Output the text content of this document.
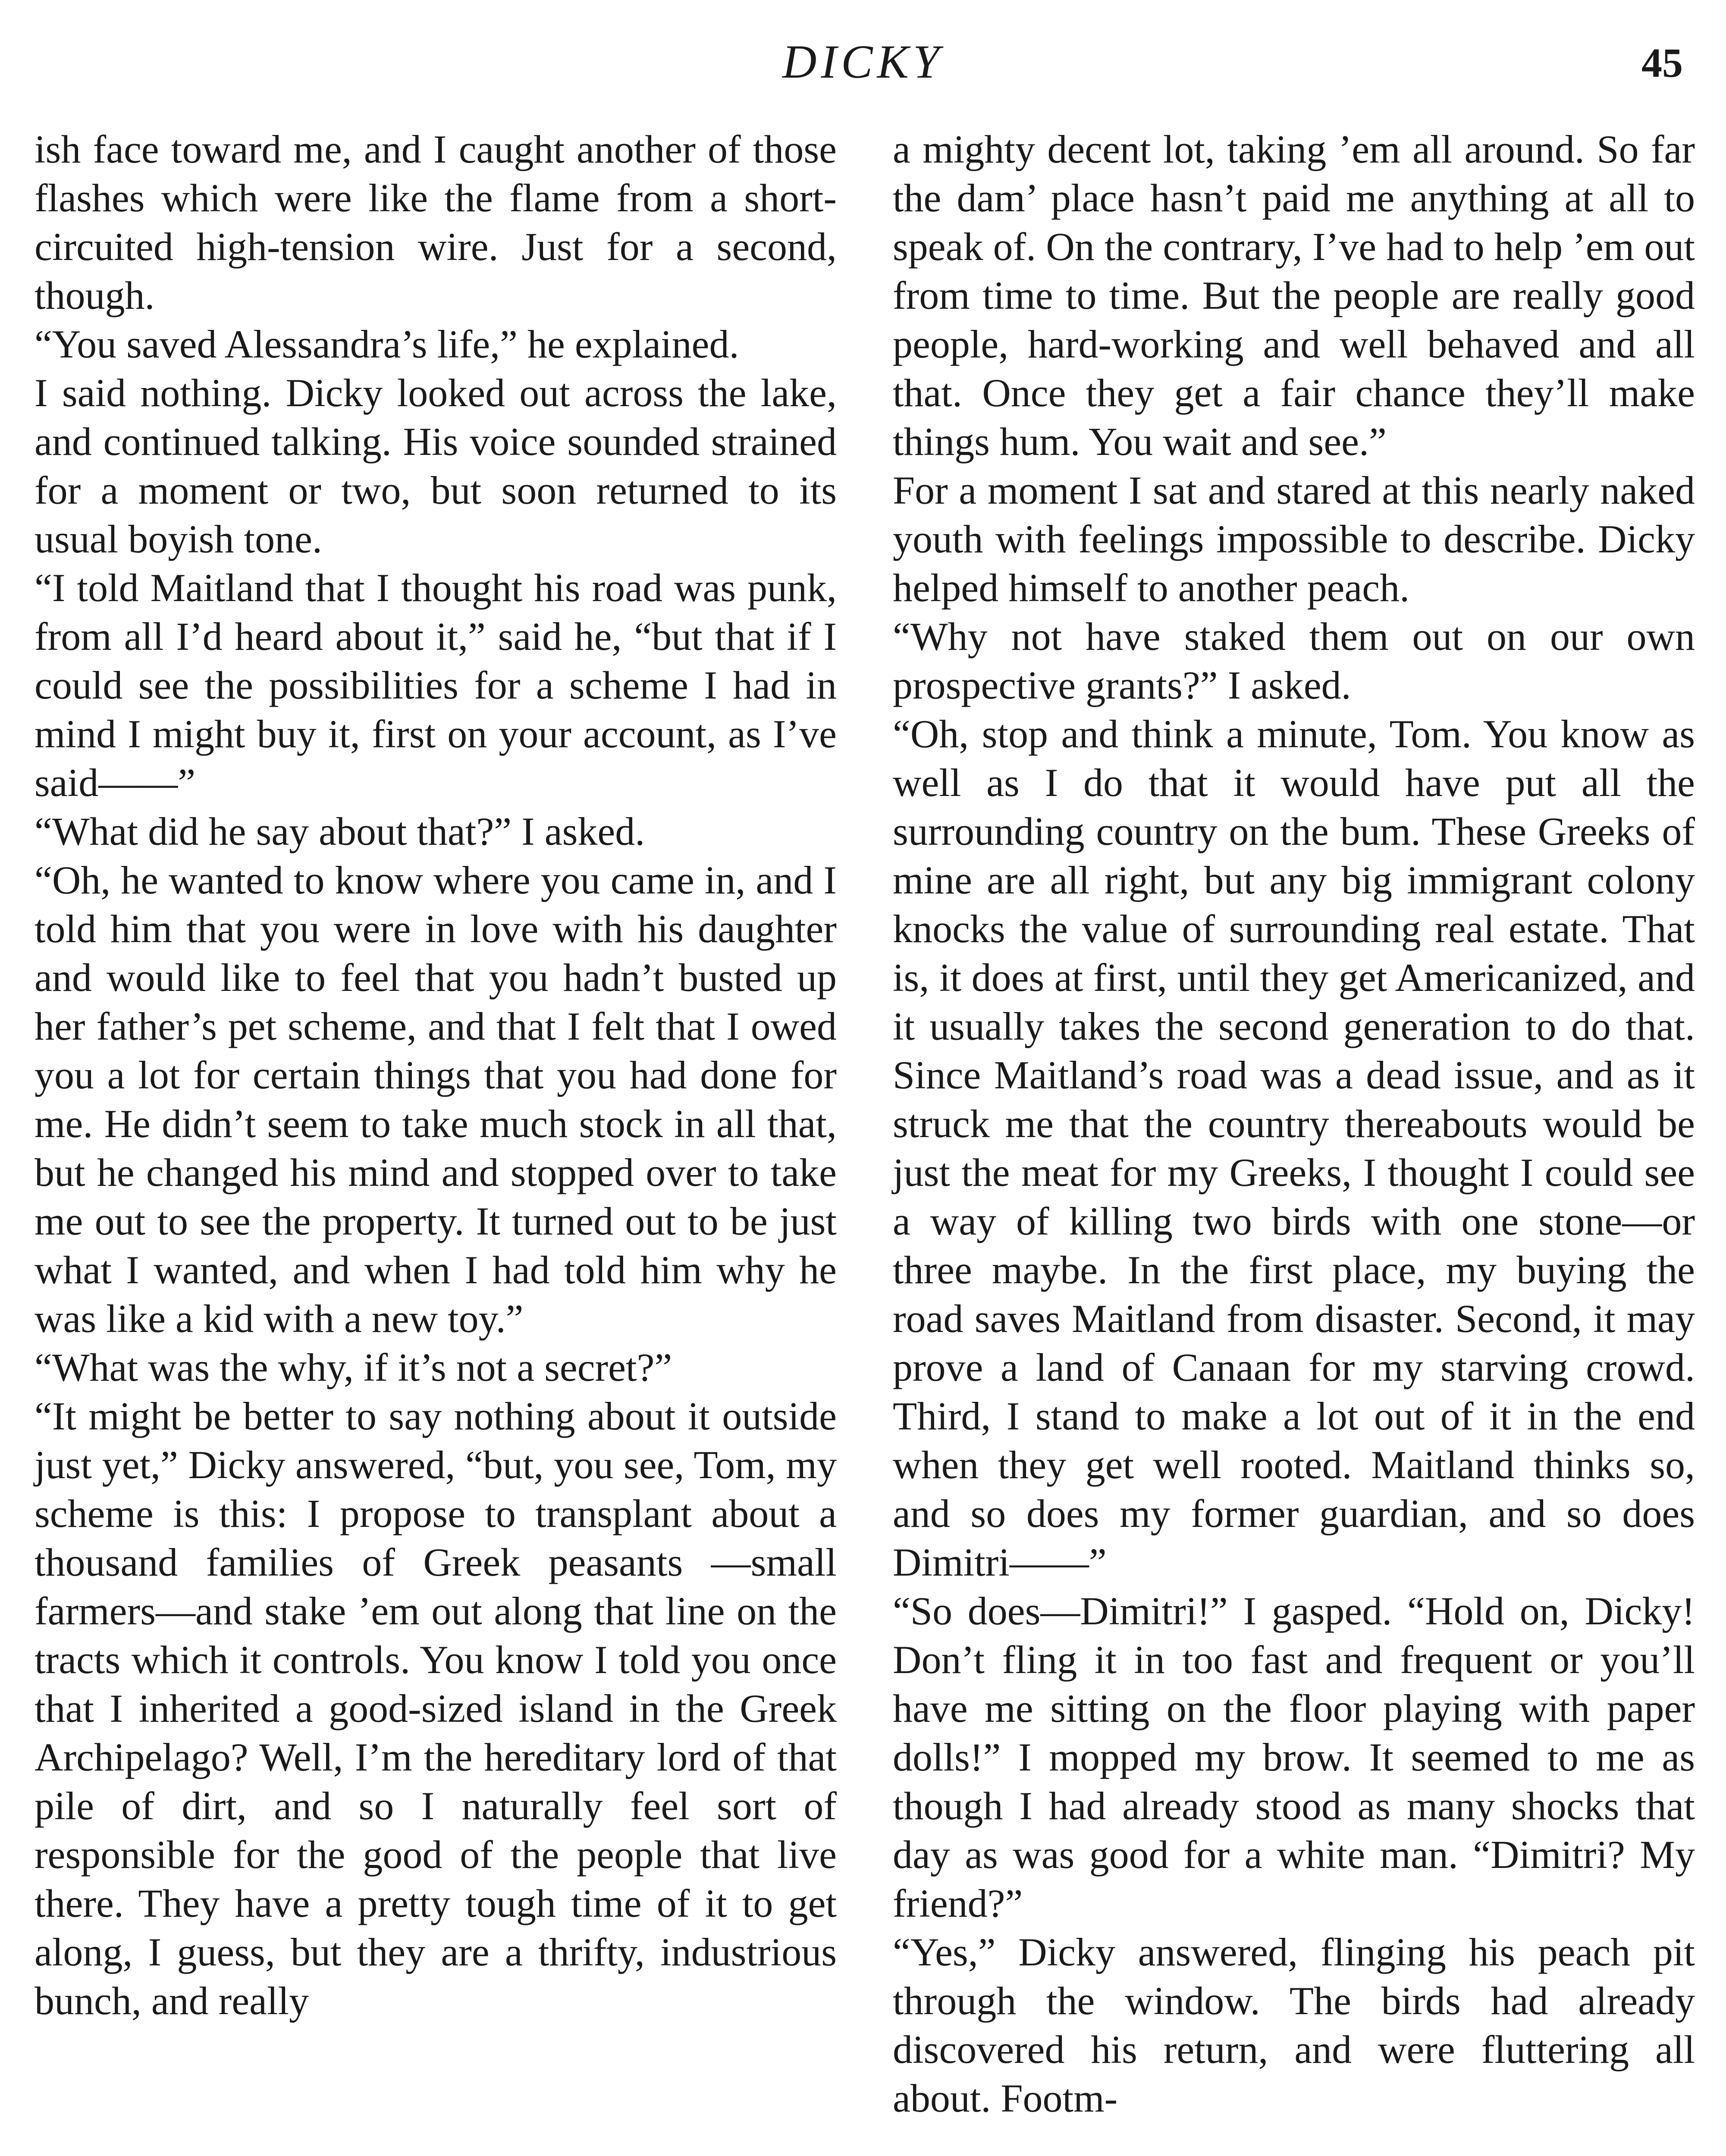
DICKY	45

ish face toward me, and I caught another of those flashes which were like the flame from a short-circuited high-tension wire. Just for a second, though.

“You saved Alessandra’s life,” he explained.

I said nothing. Dicky looked out across the lake, and continued talking. His voice sounded strained for a moment or two, but soon returned to its usual boyish tone.

“I told Maitland that I thought his road was punk, from all I’d heard about it,” said he, “but that if I could see the possibilities for a scheme I had in mind I might buy it, first on your account, as I’ve said——”

“What did he say about that?” I asked.

“Oh, he wanted to know where you came in, and I told him that you were in love with his daughter and would like to feel that you hadn’t busted up her father’s pet scheme, and that I felt that I owed you a lot for certain things that you had done for me. He didn’t seem to take much stock in all that, but he changed his mind and stopped over to take me out to see the property. It turned out to be just what I wanted, and when I had told him why he was like a kid with a new toy.”

“What was the why, if it’s not a secret?”

“It might be better to say nothing about it outside just yet,” Dicky answered, “but, you see, Tom, my scheme is this: I propose to transplant about a thousand families of Greek peasants —small farmers—and stake ’em out along that line on the tracts which it controls. You know I told you once that I inherited a good-sized island in the Greek Archipelago? Well, I’m the hereditary lord of that pile of dirt, and so I naturally feel sort of responsible for the good of the people that live there. They have a pretty tough time of it to get along, I guess, but they are a thrifty, industrious bunch, and really

a mighty decent lot, taking ’em all around. So far the dam’ place hasn’t paid me anything at all to speak of. On the contrary, I’ve had to help ’em out from time to time. But the people are really good people, hard-working and well behaved and all that. Once they get a fair chance they’ll make things hum. You wait and see.”

For a moment I sat and stared at this nearly naked youth with feelings impossible to describe. Dicky helped himself to another peach.

“Why not have staked them out on our own prospective grants?” I asked.

“Oh, stop and think a minute, Tom. You know as well as I do that it would have put all the surrounding country on the bum. These Greeks of mine are all right, but any big immigrant colony knocks the value of surrounding real estate. That is, it does at first, until they get Americanized, and it usually takes the second generation to do that. Since Maitland’s road was a dead issue, and as it struck me that the country thereabouts would be just the meat for my Greeks, I thought I could see a way of killing two birds with one stone—or three maybe. In the first place, my buying the road saves Maitland from disaster. Second, it may prove a land of Canaan for my starving crowd. Third, I stand to make a lot out of it in the end when they get well rooted. Maitland thinks so, and so does my former guardian, and so does Dimitri——”

“So does—Dimitri!” I gasped. “Hold on, Dicky! Don’t fling it in too fast and frequent or you’ll have me sitting on the floor playing with paper dolls!” I mopped my brow. It seemed to me as though I had already stood as many shocks that day as was good for a white man. “Dimitri? My friend?”

“Yes,” Dicky answered, flinging his peach pit through the window. The birds had already discovered his return, and were fluttering all about. Footm-
